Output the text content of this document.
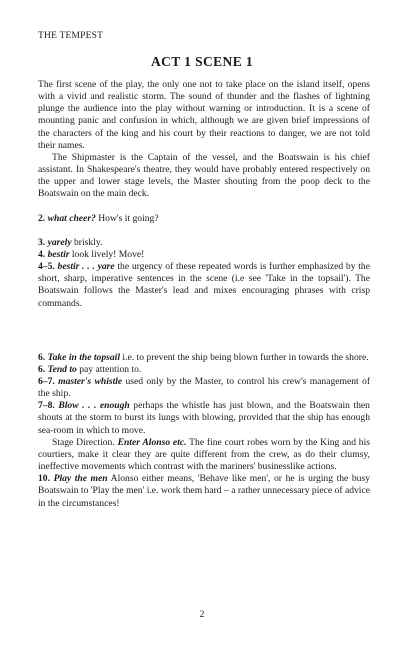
THE TEMPEST
ACT 1 SCENE 1

The first scene of the play, the only one not to take place on the island itself, opens with a vivid and realistic storm. The sound of thunder and the flashes of lightning plunge the audience into the play without warning or introduction. It is a scene of mounting panic and confusion in which, although we are given brief impressions of the characters of the king and his court by their reactions to danger, we are not told their names.

The Shipmaster is the Captain of the vessel, and the Boatswain is his chief assistant. In Shakespeare's theatre, they would have probably entered respectively on the upper and lower stage levels, the Master shouting from the poop deck to the Boatswain on the main deck.

2. what cheer? How's it going?

3. yarely briskly.

4. bestir look lively! Move!

4–5. bestir . . . yare the urgency of these repeated words is further emphasized by the short, sharp, imperative sentences in the scene (i.e see 'Take in the topsail'). The Boatswain follows the Master's lead and mixes encouraging phrases with crisp commands.

6. Take in the topsail i.e. to prevent the ship being blown further in towards the shore.

6. Tend to pay attention to.

6–7. master's whistle used only by the Master, to control his crew's management of the ship.

7–8. Blow . . . enough perhaps the whistle has just blown, and the Boatswain then shouts at the storm to burst its lungs with blowing, provided that the ship has enough sea-room in which to move.

Stage Direction. Enter Alonso etc. The fine court robes worn by the King and his courtiers, make it clear they are quite different from the crew, as do their clumsy, ineffective movements which contrast with the mariners' businesslike actions.

10. Play the men Alonso either means, 'Behave like men', or he is urging the busy Boatswain to 'Play the men' i.e. work them hard – a rather unnecessary piece of advice in the circumstances!

2
